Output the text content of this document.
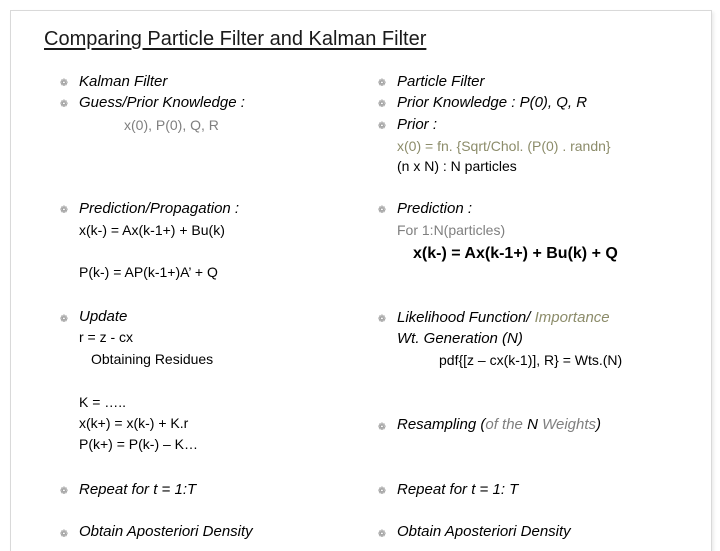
Comparing Particle Filter and Kalman Filter
❁ Kalman Filter
❁ Guess/Prior Knowledge :
x(0), P(0), Q, R
❁ Prediction/Propagation :
x(k-) = Ax(k-1+) + Bu(k)
P(k-) = AP(k-1+)A’ + Q
❁ Update
r = z - cx
Obtaining Residues
K = …..
x(k+) = x(k-) + K.r
P(k+) = P(k-) – K…
❁ Repeat for t = 1:T
❁ Obtain Aposteriori Density
❁ Particle Filter
❁ Prior Knowledge : P(0), Q, R
❁ Prior :
x(0) = fn. {Sqrt/Chol. (P(0) . randn}
(n x N) : N particles
❁ Prediction :
For 1:N(particles)
x(k-) = Ax(k-1+) + Bu(k) + Q
❁ Likelihood Function/ Importance
Wt. Generation (N)
pdf{[z – cx(k-1)], R} = Wts.(N)
❁ Resampling (of the N Weights)
❁ Repeat for t = 1: T
❁ Obtain Aposteriori Density
